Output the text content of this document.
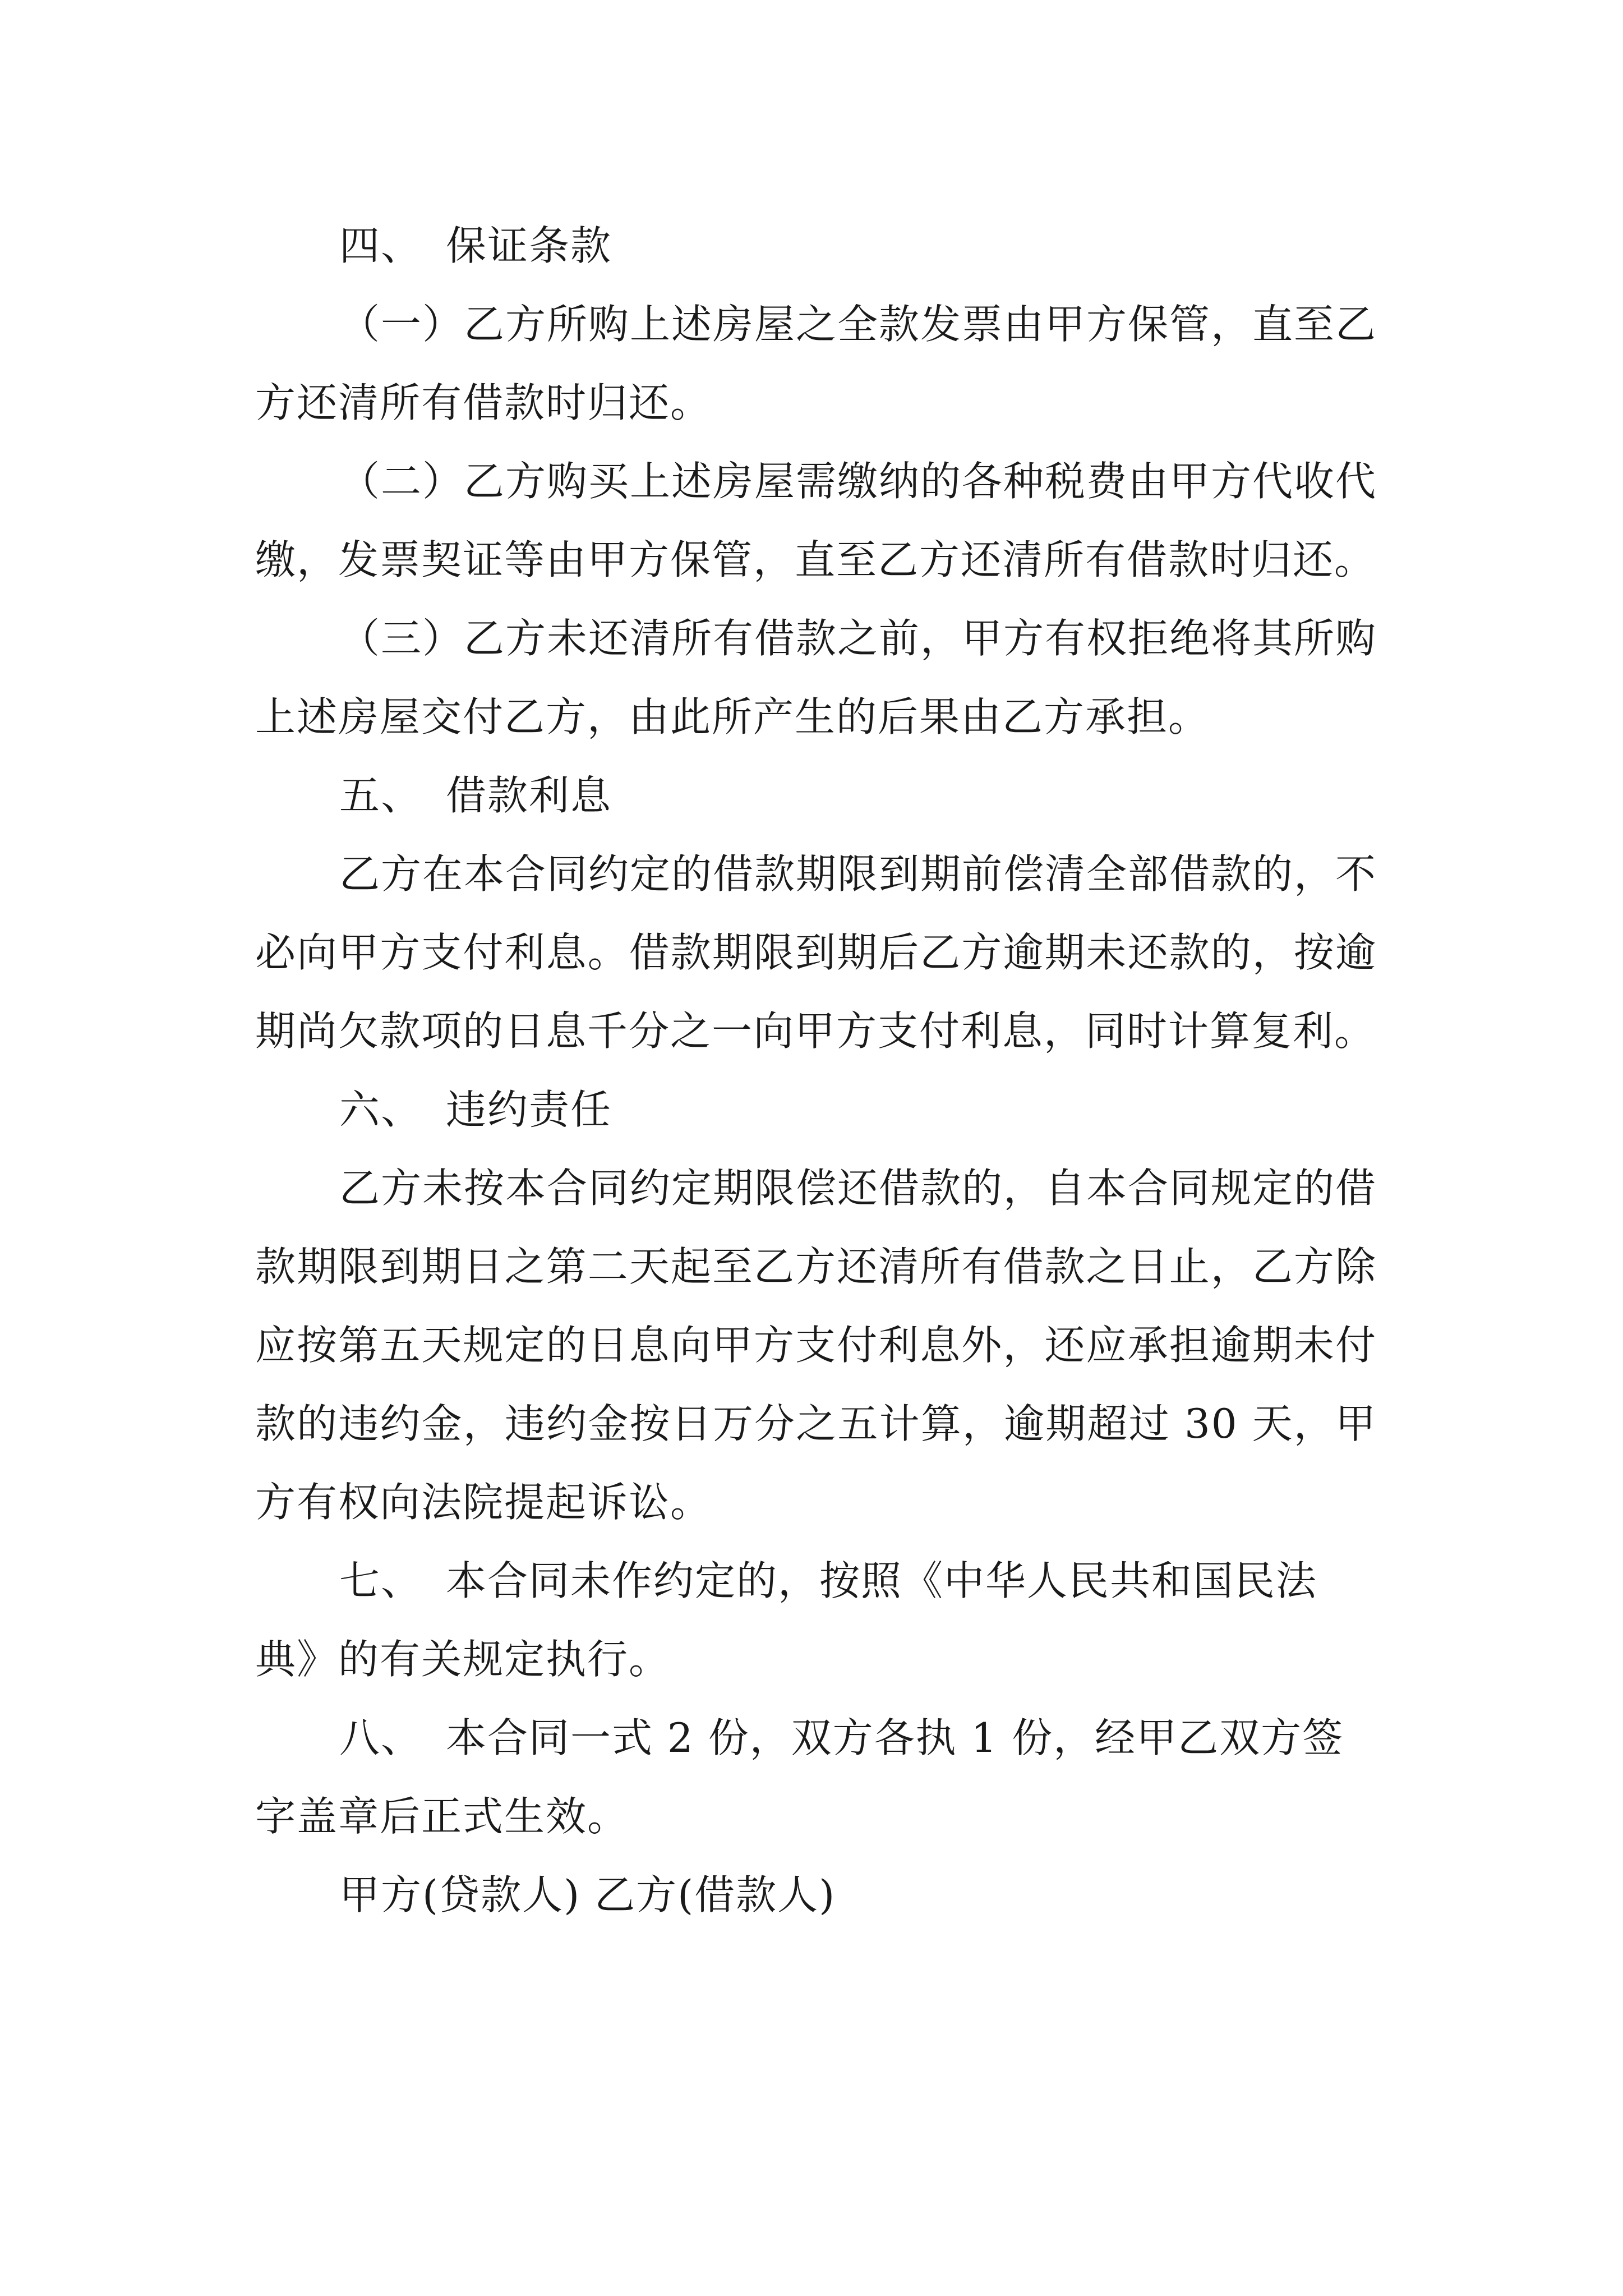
四、 保证条款

（一）乙方所购上述房屋之全款发票由甲方保管，直至乙方还清所有借款时归还。

（二）乙方购买上述房屋需缴纳的各种税费由甲方代收代缴，发票契证等由甲方保管，直至乙方还清所有借款时归还。

（三）乙方未还清所有借款之前，甲方有权拒绝将其所购上述房屋交付乙方，由此所产生的后果由乙方承担。

五、 借款利息

乙方在本合同约定的借款期限到期前偿清全部借款的，不必向甲方支付利息。借款期限到期后乙方逾期未还款的，按逾期尚欠款项的日息千分之一向甲方支付利息，同时计算复利。

六、 违约责任

乙方未按本合同约定期限偿还借款的，自本合同规定的借款期限到期日之第二天起至乙方还清所有借款之日止，乙方除应按第五天规定的日息向甲方支付利息外，还应承担逾期未付款的违约金，违约金按日万分之五计算，逾期超过 30 天，甲方有权向法院提起诉讼。

七、 本合同未作约定的，按照《中华人民共和国民法典》的有关规定执行。

八、 本合同一式 2 份，双方各执 1 份，经甲乙双方签字盖章后正式生效。

甲方(贷款人) 乙方(借款人)
